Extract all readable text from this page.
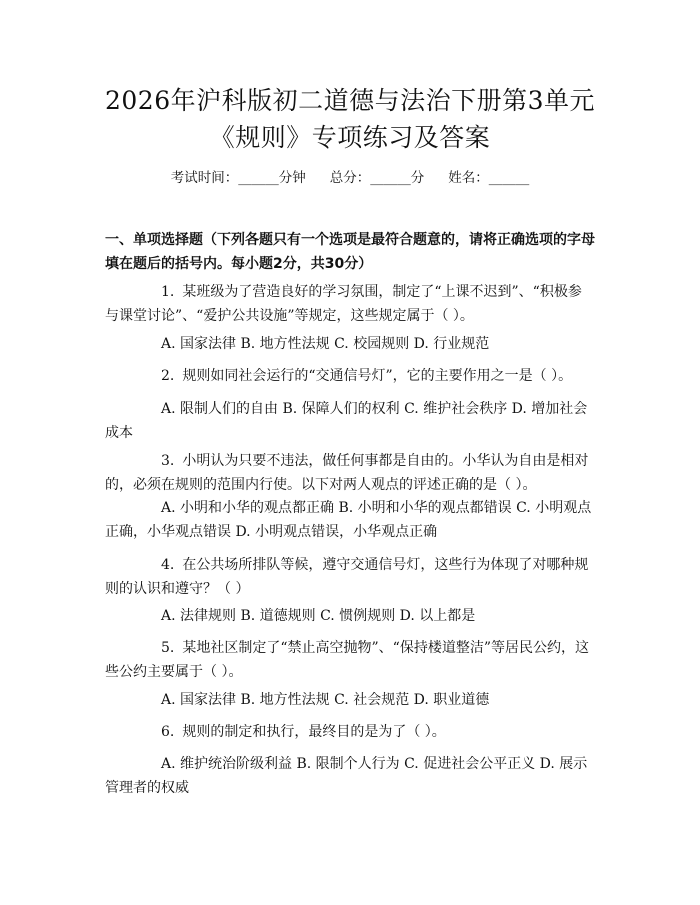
2026年沪科版初二道德与法治下册第3单元
《规则》专项练习及答案
考试时间：______分钟 总分：______分 姓名：______
一、单项选择题（下列各题只有一个选项是最符合题意的，请将正确选项的字母填在题后的括号内。每小题2分，共30分）

1. 某班级为了营造良好的学习氛围，制定了“上课不迟到”、“积极参与课堂讨论”、“爱护公共设施”等规定，这些规定属于（ ）。

A. 国家法律 B. 地方性法规 C. 校园规则 D. 行业规范

2. 规则如同社会运行的“交通信号灯”，它的主要作用之一是（ ）。

A. 限制人们的自由 B. 保障人们的权利 C. 维护社会秩序 D. 增加社会成本

3. 小明认为只要不违法，做任何事都是自由的。小华认为自由是相对的，必须在规则的范围内行使。以下对两人观点的评述正确的是（ ）。

A. 小明和小华的观点都正确 B. 小明和小华的观点都错误 C. 小明观点正确，小华观点错误 D. 小明观点错误，小华观点正确

4. 在公共场所排队等候，遵守交通信号灯，这些行为体现了对哪种规则的认识和遵守？（ ）

A. 法律规则 B. 道德规则 C. 惯例规则 D. 以上都是

5. 某地社区制定了“禁止高空抛物”、“保持楼道整洁”等居民公约，这些公约主要属于（ ）。

A. 国家法律 B. 地方性法规 C. 社会规范 D. 职业道德

6. 规则的制定和执行，最终目的是为了（ ）。

A. 维护统治阶级利益 B. 限制个人行为 C. 促进社会公平正义 D. 展示管理者的权威
